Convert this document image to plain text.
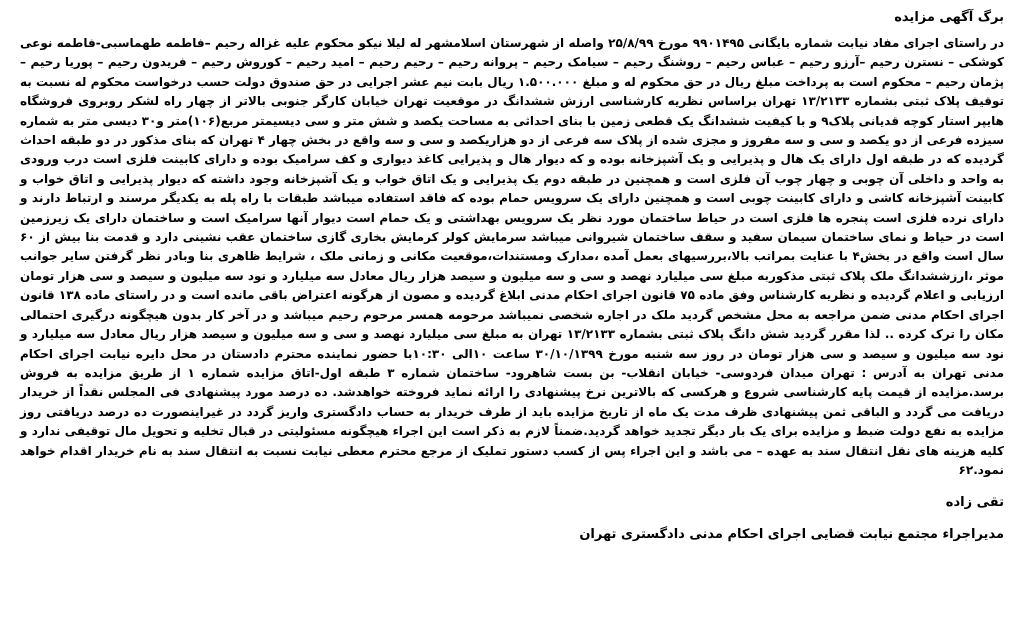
برگ آگهی مزایده

در راستای اجرای مفاد نیابت شماره بایگانی ۹۹۰۱۴۹۵ مورخ ۲۵/۸/۹۹ واصله از شهرستان اسلامشهر له لیلا نیکو محکوم علیه غزاله رحیم –فاطمه طهماسبی-فاطمه نوعی کوشکی – نسترن رحیم –آرزو رحیم – عباس رحیم – روشنگ رحیم – سیامک رحیم – پروانه رحیم – رحیم رحیم – امید رحیم – کوروش رحیم – فریدون رحیم – پوریا رحیم – پژمان رحیم – محکوم است به پرداخت مبلغ ریال در حق محکوم له و مبلغ ۱.۵۰۰.۰۰۰ ریال بابت نیم عشر اجرایی در حق صندوق دولت حسب درخواست محکوم له نسبت به توقیف پلاک ثبتی بشماره ۱۳/۲۱۳۳ تهران براساس نظریه کارشناسی ارزش ششدانگ در موقعیت تهران خیابان کارگر جنوبی بالاتر از چهار راه لشکر روبروی فروشگاه هایپر استار کوچه قدیانی پلاک۹ و با کیفیت ششدانگ یک قطعی زمین با بنای احداثی به مساحت یکصد و شش متر و سی دیسیمتر مربع(۱۰۶)متر و۳۰ دیسی متر به شماره سیزده فرعی از دو یکصد و سی و سه مفروز و مجزی شده از پلاک سه فرعی از دو هزاریکصد و سی و سه واقع در بخش چهار ۴ تهران که بنای مذکور در دو طبقه احداث گردیده که در طبقه اول دارای یک هال و پذیرایی و یک آشپزخانه بوده و که دیوار هال و پذیرایی کاغذ دیواری و کف سرامیک بوده و دارای کابینت فلزی است درب ورودی به واحد و داخلی آن چوبی و چهار چوب آن فلزی است و همچنین در طبقه دوم یک پذیرایی و یک اتاق خواب و یک آشپزخانه وجود داشته که دیوار پذیرایی و اتاق خواب و کابینت آشپزخانه کاشی و دارای کابینت چوبی است و همچنین دارای یک سرویس حمام بوده که فاقد استفاده میباشد طبقات با راه پله به یکدیگر مرسند و ارتباط دارند و دارای نرده فلزی است پنجره ها فلزی است در حیاط ساختمان مورد نظر یک سرویس بهداشتی و یک حمام است دیوار آنها سرامیک است و ساختمان دارای یک زیرزمین است در حیاط و نمای ساختمان سیمان سفید و سقف ساختمان شیروانی میباشد سرمایش کولر کرمایش بخاری گازی ساختمان عقب نشینی دارد و قدمت بنا بیش از ۶۰ سال است واقع در بخش۴ با عنایت بمراتب بالا،بررسیهای بعمل آمده ،مدارک ومستندات،موقعیت مکانی و زمانی ملک ، شرایط ظاهری بنا وبادر نظر گرفتن سایر جوانب موثر ،ارزششدانگ ملک پلاک ثبتی مذکوربه مبلغ سی میلیارد نهصد و سی و سه میلیون و سیصد هزار ریال معادل سه میلیارد و نود سه میلیون و سیصد و سی هزار تومان ارزیابی و اعلام گردیده و نظریه کارشناس وفق ماده ۷۵ قانون اجرای احکام مدنی ابلاغ گردیده و مصون از هرگونه اعتراض باقی مانده است و در راستای ماده ۱۳۸ قانون اجرای احکام مدنی ضمن مراجعه به محل مشخص گردید ملک در اجاره شخصی نمیباشد مرحومه همسر مرحوم رحیم میباشد و در آخر کار بدون هیچگونه درگیری احتمالی مکان را ترک کرده .. لذا مقرر گردید شش دانگ پلاک ثبتی بشماره ۱۳/۲۱۳۳ تهران به مبلغ سی میلیارد نهصد و سی و سه میلیون و سیصد هزار ریال معادل سه میلیارد و نود سه میلیون و سیصد و سی هزار تومان در روز سه شنبه مورخ ۳۰/۱۰/۱۳۹۹ ساعت ۱۰الی ۱۰:۳۰با حضور نماینده محترم دادستان در محل دایره نیابت اجرای احکام مدنی تهران به آدرس : تهران میدان فردوسی- خیابان انقلاب- بن بست شاهرود- ساختمان شماره ۳ طبقه اول-اتاق مزایده شماره ۱ از طریق مزایده به فروش برسد.مزایده از قیمت پایه کارشناسی شروع و هرکسی که بالاترین نرخ پیشنهادی را ارائه نماید فروخته خواهدشد. ده درصد مورد پیشنهادی فی المجلس نقداً از خریدار دریافت می گردد و الباقی ثمن پیشنهادی ظرف مدت یک ماه از تاریخ مزایده باید از طرف خریدار به حساب دادگستری واریز گردد در غیراینصورت ده درصد دریافتی روز مزایده به نفع دولت ضبط و مزایده برای یک بار دیگر تجدید خواهد گردید.ضمناً لازم به ذکر است این اجراء هیچگونه مسئولیتی در قبال تخلیه و تحویل مال توقیفی ندارد و کلیه هزینه های نقل انتقال سند به عهده – می باشد و این اجراء پس از کسب دستور تملیک از مرجع محترم معطی نیابت نسبت به انتقال سند به نام خریدار اقدام خواهد نمود.۶۲

تقی زاده
مدیراجراء مجتمع نیابت قضایی اجرای احکام مدنی دادگستری تهران
